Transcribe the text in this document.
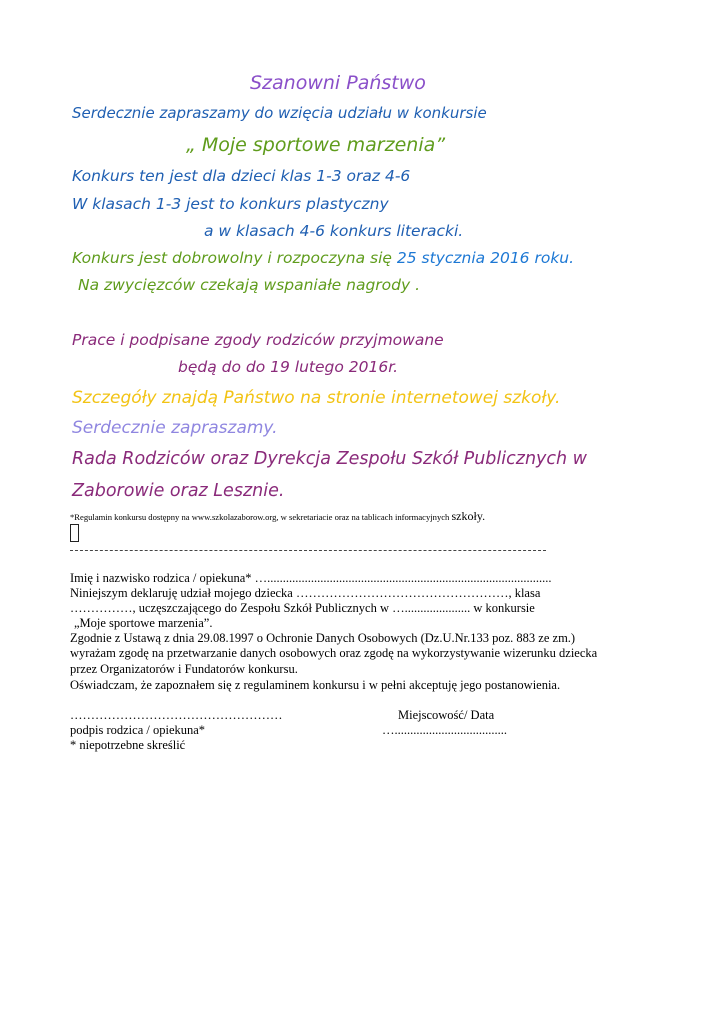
Szanowni Państwo
Serdecznie zapraszamy do wzięcia udziału w konkursie
„ Moje sportowe marzenia”
Konkurs ten jest dla dzieci klas 1-3 oraz 4-6
W klasach 1-3 jest to konkurs plastyczny
a w klasach 4-6 konkurs literacki.
Konkurs jest dobrowolny i rozpoczyna się 25 stycznia 2016 roku.
Na zwycięzców czekają wspaniałe nagrody .
Prace i podpisane zgody rodziców przyjmowane
będą do do 19 lutego 2016r.
Szczegóły znajdą Państwo na stronie internetowej szkoły.
Serdecznie zapraszamy.
Rada Rodziców oraz Dyrekcja Zespołu Szkół Publicznych w
Zaborowie oraz Lesznie.
*Regulamin konkursu dostępny na www.szkolazaborow.org, w sekretariacie oraz na tablicach informacyjnych szkoły.
Imię i nazwisko rodzica / opiekuna* …...........................................................................................
Niniejszym deklaruję udział mojego dziecka ……………………………………………, klasa
……………, uczęszczającego do Zespołu Szkół Publicznych w …..................... w konkursie
„Moje sportowe marzenia”.
Zgodnie z Ustawą z dnia 29.08.1997 o Ochronie Danych Osobowych (Dz.U.Nr.133 poz. 883 ze zm.)
wyrażam zgodę na przetwarzanie danych osobowych oraz zgodę na wykorzystywanie wizerunku dziecka
przez Organizatorów i Fundatorów konkursu.
Oświadczam, że zapoznałem się z regulaminem konkursu i w pełni akceptuję jego postanowienia.
……………………………………………	Miejscowość/ Data
podpis rodzica / opiekuna*	…....................................
* niepotrzebne skreślić
